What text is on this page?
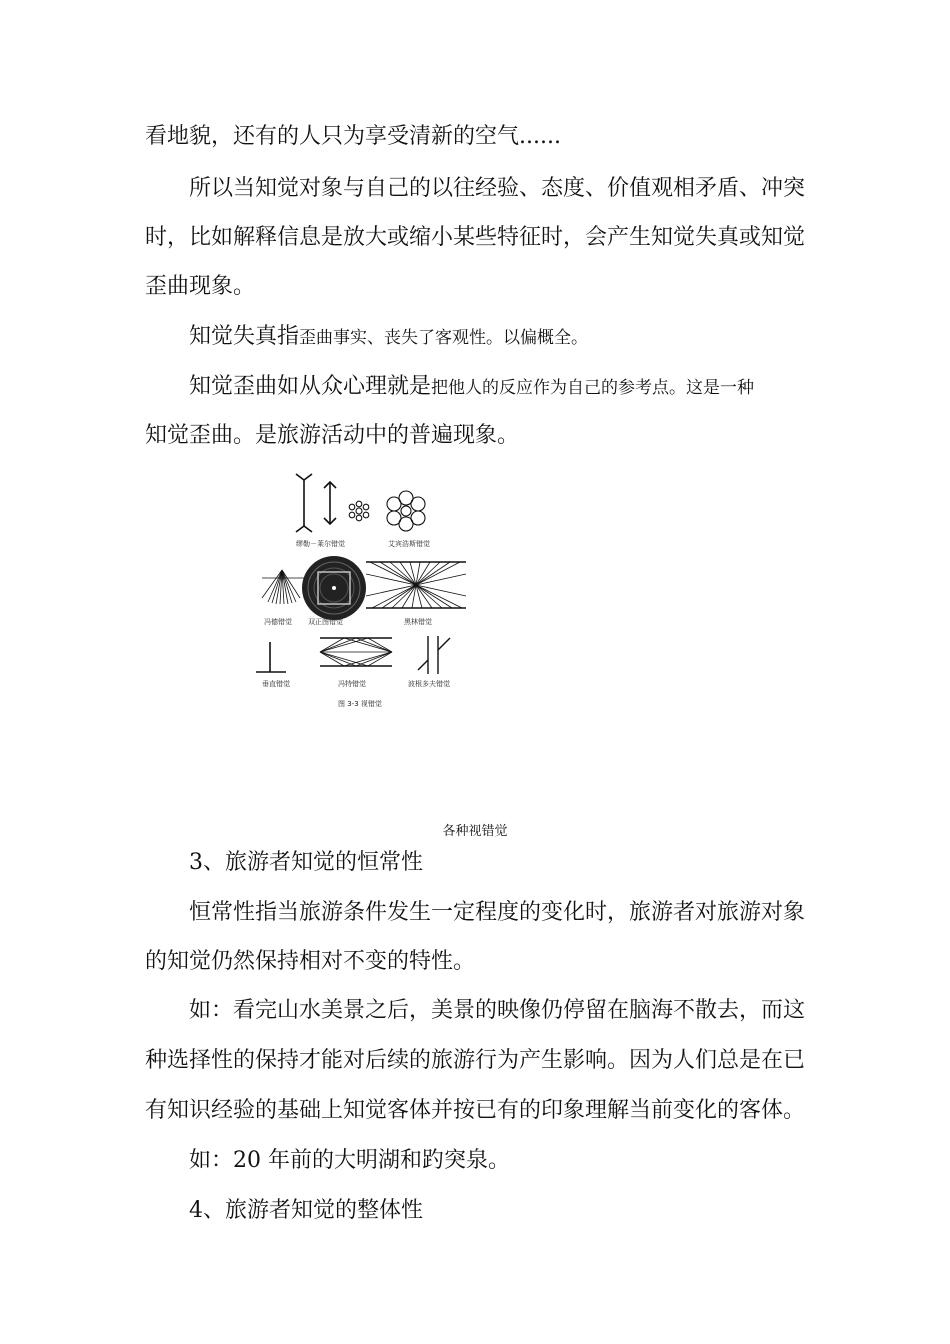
看地貌，还有的人只为享受清新的空气......
所以当知觉对象与自己的以往经验、态度、价值观相矛盾、冲突
时，比如解释信息是放大或缩小某些特征时，会产生知觉失真或知觉
歪曲现象。
知觉失真指歪曲事实、丧失了客观性。以偏概全。
知觉歪曲如从众心理就是把他人的反应作为自己的参考点。这是一种
知觉歪曲。是旅游活动中的普遍现象。
缪勒－莱尔错觉	艾宾浩斯错觉
冯德错觉 双正图错觉	黑林错觉
垂直错觉	冯特错觉	波根多夫错觉
图 3-3 视错觉
各种视错觉
3、旅游者知觉的恒常性
恒常性指当旅游条件发生一定程度的变化时，旅游者对旅游对象
的知觉仍然保持相对不变的特性。
如：看完山水美景之后，美景的映像仍停留在脑海不散去，而这
种选择性的保持才能对后续的旅游行为产生影响。因为人们总是在已
有知识经验的基础上知觉客体并按已有的印象理解当前变化的客体。
如：20 年前的大明湖和趵突泉。
4、旅游者知觉的整体性
